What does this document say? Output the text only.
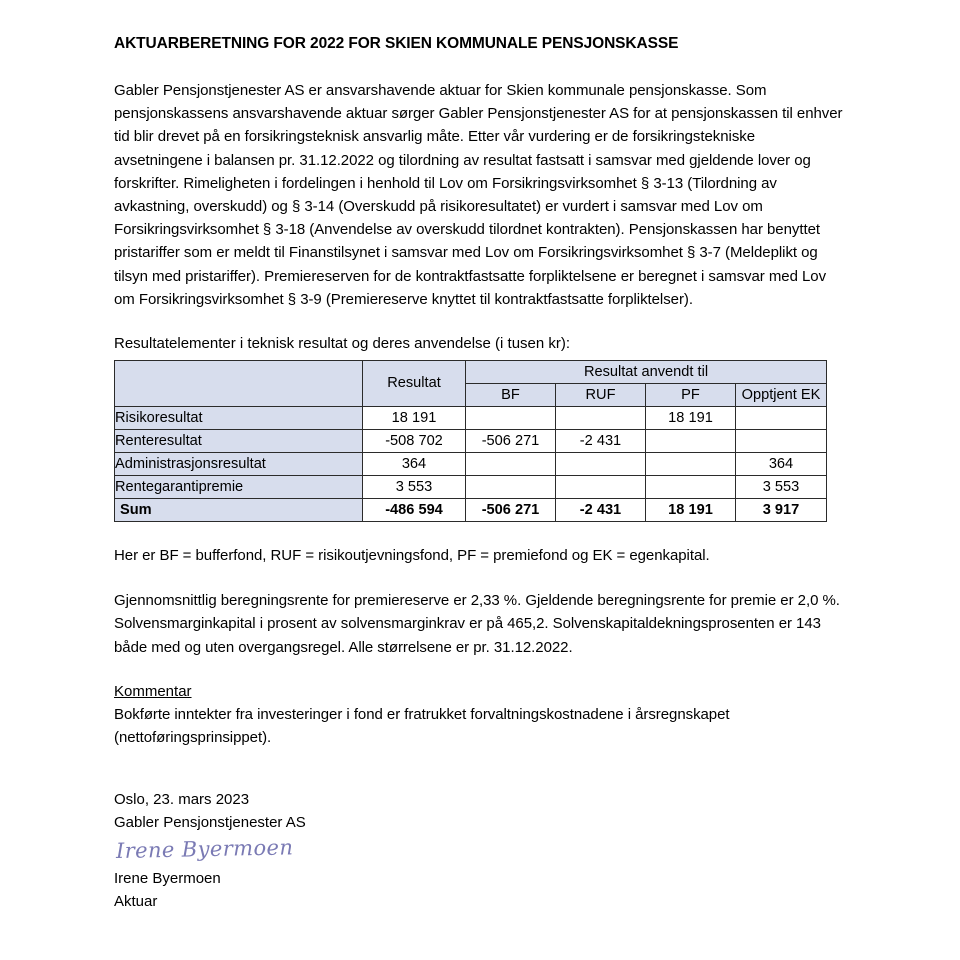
AKTUARBERETNING FOR 2022 FOR SKIEN KOMMUNALE PENSJONSKASSE

Gabler Pensjonstjenester AS er ansvarshavende aktuar for Skien kommunale pensjonskasse. Som pensjonskassens ansvarshavende aktuar sørger Gabler Pensjonstjenester AS for at pensjonskassen til enhver tid blir drevet på en forsikringsteknisk ansvarlig måte. Etter vår vurdering er de forsikringstekniske avsetningene i balansen pr. 31.12.2022 og tilordning av resultat fastsatt i samsvar med gjeldende lover og forskrifter. Rimeligheten i fordelingen i henhold til Lov om Forsikringsvirksomhet § 3-13 (Tilordning av avkastning, overskudd) og § 3-14 (Overskudd på risikoresultatet) er vurdert i samsvar med Lov om Forsikringsvirksomhet § 3-18 (Anvendelse av overskudd tilordnet kontrakten). Pensjonskassen har benyttet pristariffer som er meldt til Finanstilsynet i samsvar med Lov om Forsikringsvirksomhet § 3-7 (Meldeplikt og tilsyn med pristariffer). Premiereserven for de kontraktfastsatte forpliktelsene er beregnet i samsvar med Lov om Forsikringsvirksomhet § 3-9 (Premiereserve knyttet til kontraktfastsatte forpliktelser).

Resultatelementer i teknisk resultat og deres anvendelse (i tusen kr):

	Resultat	Resultat anvendt til			
		BF	RUF	PF	Opptjent EK
Risikoresultat	18 191			18 191	
Renteresultat	-508 702	-506 271	-2 431		
Administrasjonsresultat	364				364
Rentegarantipremie	3 553				3 553
Sum	-486 594	-506 271	-2 431	18 191	3 917

Her er BF = bufferfond, RUF = risikoutjevningsfond, PF = premiefond og EK = egenkapital.

Gjennomsnittlig beregningsrente for premiereserve er 2,33 %. Gjeldende beregningsrente for premie er 2,0 %. Solvensmarginkapital i prosent av solvensmarginkrav er på 465,2. Solvenskapitaldekningsprosenten er 143 både med og uten overgangsregel. Alle størrelsene er pr. 31.12.2022.

Kommentar

Bokførte inntekter fra investeringer i fond er fratrukket forvaltningskostnadene i årsregnskapet (nettoføringsprinsippet).

Oslo, 23. mars 2023
Gabler Pensjonstjenester AS
Irene Byermoen
Irene Byermoen
Aktuar
